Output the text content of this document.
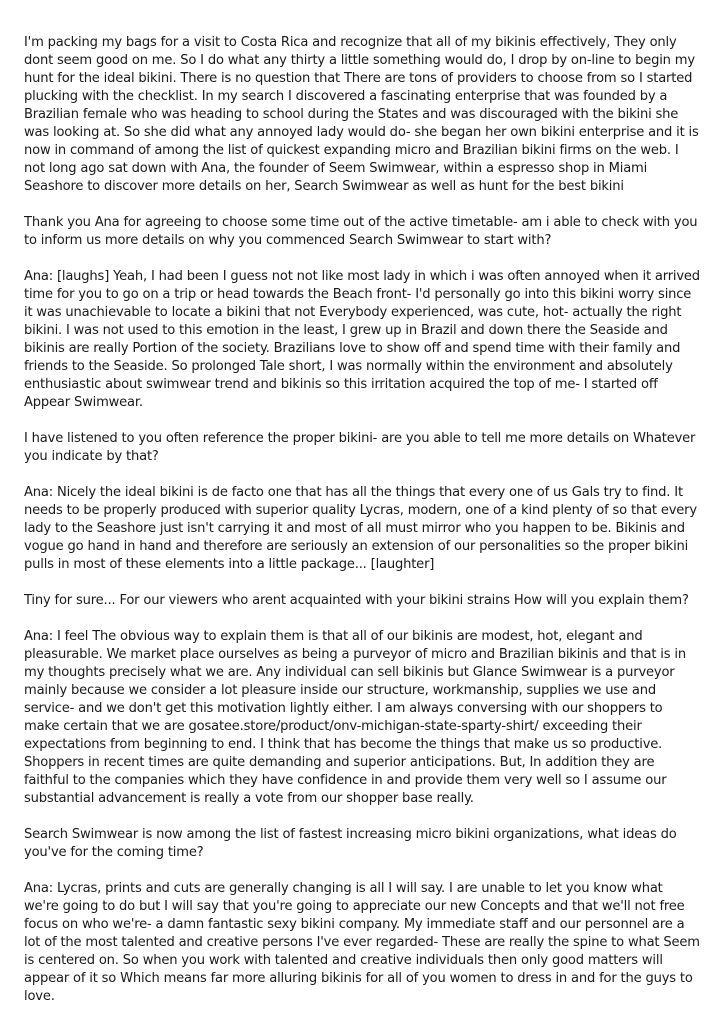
I'm packing my bags for a visit to Costa Rica and recognize that all of my bikinis effectively, They only dont seem good on me. So I do what any thirty a little something would do, I drop by on-line to begin my hunt for the ideal bikini. There is no question that There are tons of providers to choose from so I started plucking with the checklist. In my search I discovered a fascinating enterprise that was founded by a Brazilian female who was heading to school during the States and was discouraged with the bikini she was looking at. So she did what any annoyed lady would do- she began her own bikini enterprise and it is now in command of among the list of quickest expanding micro and Brazilian bikini firms on the web. I not long ago sat down with Ana, the founder of Seem Swimwear, within a espresso shop in Miami Seashore to discover more details on her, Search Swimwear as well as hunt for the best bikini

Thank you Ana for agreeing to choose some time out of the active timetable- am i able to check with you to inform us more details on why you commenced Search Swimwear to start with?

Ana: [laughs] Yeah, I had been I guess not not like most lady in which i was often annoyed when it arrived time for you to go on a trip or head towards the Beach front- I'd personally go into this bikini worry since it was unachievable to locate a bikini that not Everybody experienced, was cute, hot- actually the right bikini. I was not used to this emotion in the least, I grew up in Brazil and down there the Seaside and bikinis are really Portion of the society. Brazilians love to show off and spend time with their family and friends to the Seaside. So prolonged Tale short, I was normally within the environment and absolutely enthusiastic about swimwear trend and bikinis so this irritation acquired the top of me- I started off Appear Swimwear.

I have listened to you often reference the proper bikini- are you able to tell me more details on Whatever you indicate by that?

Ana: Nicely the ideal bikini is de facto one that has all the things that every one of us Gals try to find. It needs to be properly produced with superior quality Lycras, modern, one of a kind plenty of so that every lady to the Seashore just isn't carrying it and most of all must mirror who you happen to be. Bikinis and vogue go hand in hand and therefore are seriously an extension of our personalities so the proper bikini pulls in most of these elements into a little package... [laughter]

Tiny for sure... For our viewers who arent acquainted with your bikini strains How will you explain them?

Ana: I feel The obvious way to explain them is that all of our bikinis are modest, hot, elegant and pleasurable. We market place ourselves as being a purveyor of micro and Brazilian bikinis and that is in my thoughts precisely what we are. Any individual can sell bikinis but Glance Swimwear is a purveyor mainly because we consider a lot pleasure inside our structure, workmanship, supplies we use and service- and we don't get this motivation lightly either. I am always conversing with our shoppers to make certain that we are gosatee.store/product/onv-michigan-state-sparty-shirt/ exceeding their expectations from beginning to end. I think that has become the things that make us so productive. Shoppers in recent times are quite demanding and superior anticipations. But, In addition they are faithful to the companies which they have confidence in and provide them very well so I assume our substantial advancement is really a vote from our shopper base really.

Search Swimwear is now among the list of fastest increasing micro bikini organizations, what ideas do you've for the coming time?

Ana: Lycras, prints and cuts are generally changing is all I will say. I are unable to let you know what we're going to do but I will say that you're going to appreciate our new Concepts and that we'll not free focus on who we're- a damn fantastic sexy bikini company. My immediate staff and our personnel are a lot of the most talented and creative persons I've ever regarded- These are really the spine to what Seem is centered on. So when you work with talented and creative individuals then only good matters will appear of it so Which means far more alluring bikinis for all of you women to dress in and for the guys to love.
